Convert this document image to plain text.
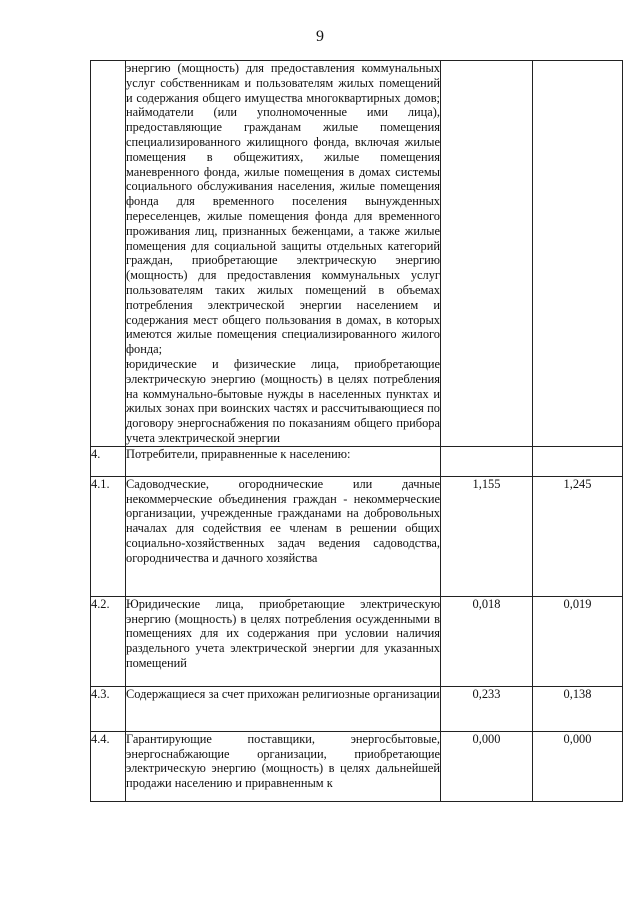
9

	энергию (мощность) для предоставления коммунальных услуг собственникам и пользователям жилых помещений и содержания общего имущества многоквартирных домов; наймодатели (или уполномоченные ими лица), предоставляющие гражданам жилые помещения специализированного жилищного фонда, включая жилые помещения в общежитиях, жилые помещения маневренного фонда, жилые помещения в домах системы социального обслуживания населения, жилые помещения фонда для временного поселения вынужденных переселенцев, жилые помещения фонда для временного проживания лиц, признанных беженцами, а также жилые помещения для социальной защиты отдельных категорий граждан, приобретающие электрическую энергию (мощность) для предоставления коммунальных услуг пользователям таких жилых помещений в объемах потребления электрической энергии населением и содержания мест общего пользования в домах, в которых имеются жилые помещения специализированного жилого фонда;

юридические и физические лица, приобретающие электрическую энергию (мощность) в целях потребления на коммунально-бытовые нужды в населенных пунктах и жилых зонах при воинских частях и рассчитывающиеся по договору энергоснабжения по показаниям общего прибора учета электрической энергии		

4.	Потребители, приравненные к населению:		

4.1.	Садоводческие, огороднические или дачные некоммерческие объединения граждан - некоммерческие организации, учрежденные гражданами на добровольных началах для содействия ее членам в решении общих социально-хозяйственных задач ведения садоводства, огородничества и дачного хозяйства	1,155	1,245
4.2.	Юридические лица, приобретающие электрическую энергию (мощность) в целях потребления осужденными в помещениях для их содержания при условии наличия раздельного учета электрической энергии для указанных помещений	0,018	0,019
4.3.	Содержащиеся за счет прихожан религиозные организации	0,233	0,138
4.4.	Гарантирующие поставщики, энергосбытовые, энергоснабжающие организации, приобретающие электрическую энергию (мощность) в целях дальнейшей продажи населению и приравненным к	0,000	0,000
